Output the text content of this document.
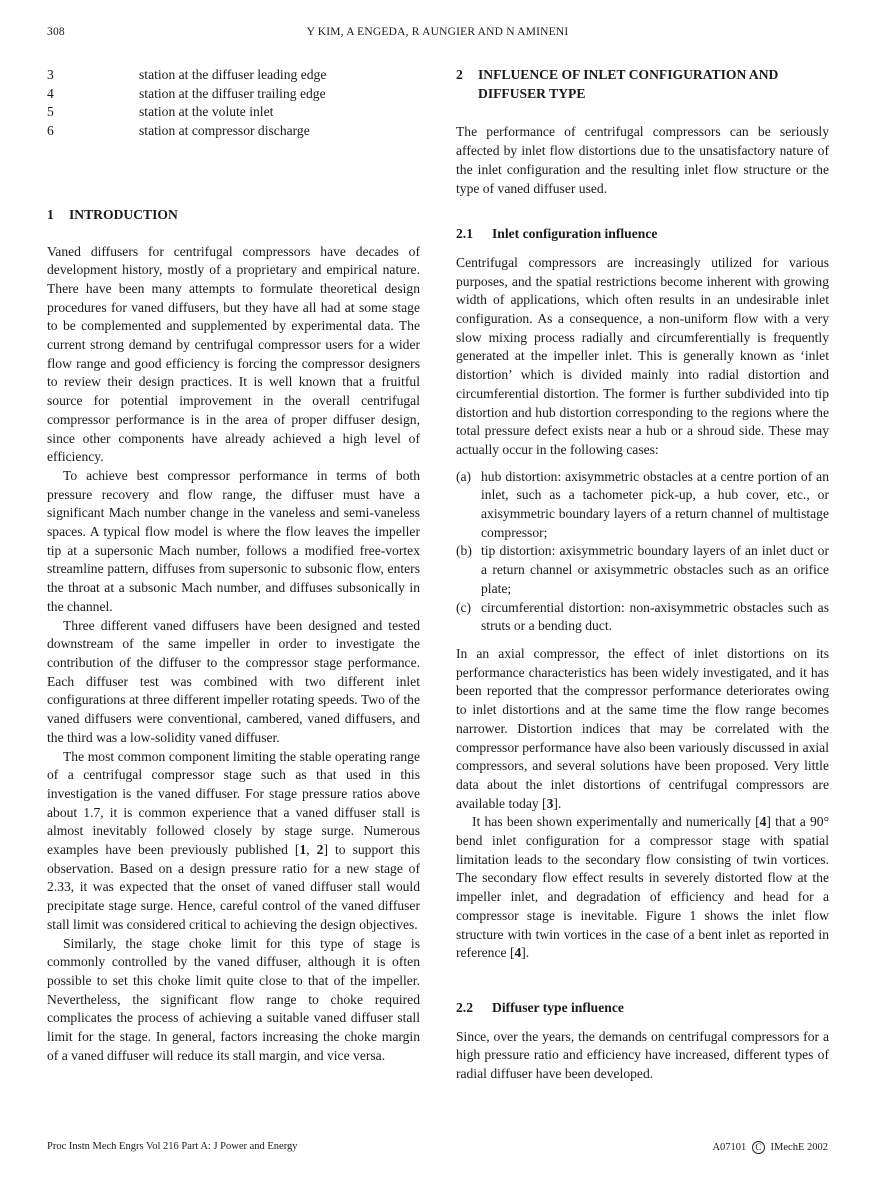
308	Y KIM, A ENGEDA, R AUNGIER AND N AMINENI
3	station at the diffuser leading edge
4	station at the diffuser trailing edge
5	station at the volute inlet
6	station at compressor discharge
1	INTRODUCTION

Vaned diffusers for centrifugal compressors have decades of development history, mostly of a proprietary and empirical nature. There have been many attempts to formulate theoretical design procedures for vaned diffusers, but they have all had at some stage to be complemented and supplemented by experimental data. The current strong demand by centrifugal compressor users for a wider flow range and good efficiency is forcing the compressor designers to review their design practices. It is well known that a fruitful source for potential improvement in the overall centrifugal compressor performance is in the area of proper diffuser design, since other components have already achieved a high level of efficiency.

To achieve best compressor performance in terms of both pressure recovery and flow range, the diffuser must have a significant Mach number change in the vaneless and semi-vaneless spaces. A typical flow model is where the flow leaves the impeller tip at a supersonic Mach number, follows a modified free-vortex streamline pattern, diffuses from supersonic to subsonic flow, enters the throat at a subsonic Mach number, and diffuses subsonically in the channel.

Three different vaned diffusers have been designed and tested downstream of the same impeller in order to investigate the contribution of the diffuser to the compressor stage performance. Each diffuser test was combined with two different inlet configurations at three different impeller rotating speeds. Two of the vaned diffusers were conventional, cambered, vaned diffusers, and the third was a low-solidity vaned diffuser.

The most common component limiting the stable operating range of a centrifugal compressor stage such as that used in this investigation is the vaned diffuser. For stage pressure ratios above about 1.7, it is common experience that a vaned diffuser stall is almost inevitably followed closely by stage surge. Numerous examples have been previously published [1, 2] to support this observation. Based on a design pressure ratio for a new stage of 2.33, it was expected that the onset of vaned diffuser stall would precipitate stage surge. Hence, careful control of the vaned diffuser stall limit was considered critical to achieving the design objectives.

Similarly, the stage choke limit for this type of stage is commonly controlled by the vaned diffuser, although it is often possible to set this choke limit quite close to that of the impeller. Nevertheless, the significant flow range to choke required complicates the process of achieving a suitable vaned diffuser stall limit for the stage. In general, factors increasing the choke margin of a vaned diffuser will reduce its stall margin, and vice versa.

2	INFLUENCE OF INLET CONFIGURATION AND DIFFUSER TYPE

The performance of centrifugal compressors can be seriously affected by inlet flow distortions due to the unsatisfactory nature of the inlet configuration and the resulting inlet flow structure or the type of vaned diffuser used.

2.1	Inlet configuration influence

Centrifugal compressors are increasingly utilized for various purposes, and the spatial restrictions become inherent with growing width of applications, which often results in an undesirable inlet configuration. As a consequence, a non-uniform flow with a very slow mixing process radially and circumferentially is frequently generated at the impeller inlet. This is generally known as ‘inlet distortion’ which is divided mainly into radial distortion and circumferential distortion. The former is further subdivided into tip distortion and hub distortion corresponding to the regions where the total pressure defect exists near a hub or a shroud side. These may actually occur in the following cases:

(a) hub distortion: axisymmetric obstacles at a centre portion of an inlet, such as a tachometer pick-up, a hub cover, etc., or axisymmetric boundary layers of a return channel of multistage compressor;
(b) tip distortion: axisymmetric boundary layers of an inlet duct or a return channel or axisymmetric obstacles such as an orifice plate;
(c) circumferential distortion: non-axisymmetric obstacles such as struts or a bending duct.

In an axial compressor, the effect of inlet distortions on its performance characteristics has been widely investigated, and it has been reported that the compressor performance deteriorates owing to inlet distortions and at the same time the flow range becomes narrower. Distortion indices that may be correlated with the compressor performance have also been variously discussed in axial compressors, and several solutions have been proposed. Very little data about the inlet distortions of centrifugal compressors are available today [3].

It has been shown experimentally and numerically [4] that a 90° bend inlet configuration for a compressor stage with spatial limitation leads to the secondary flow consisting of twin vortices. The secondary flow effect results in severely distorted flow at the impeller inlet, and degradation of efficiency and head for a compressor stage is inevitable. Figure 1 shows the inlet flow structure with twin vortices in the case of a bent inlet as reported in reference [4].

2.2	Diffuser type influence

Since, over the years, the demands on centrifugal compressors for a high pressure ratio and efficiency have increased, different types of radial diffuser have been developed.

Proc Instn Mech Engrs Vol 216 Part A: J Power and Energy	A07101 C IMechE 2002
